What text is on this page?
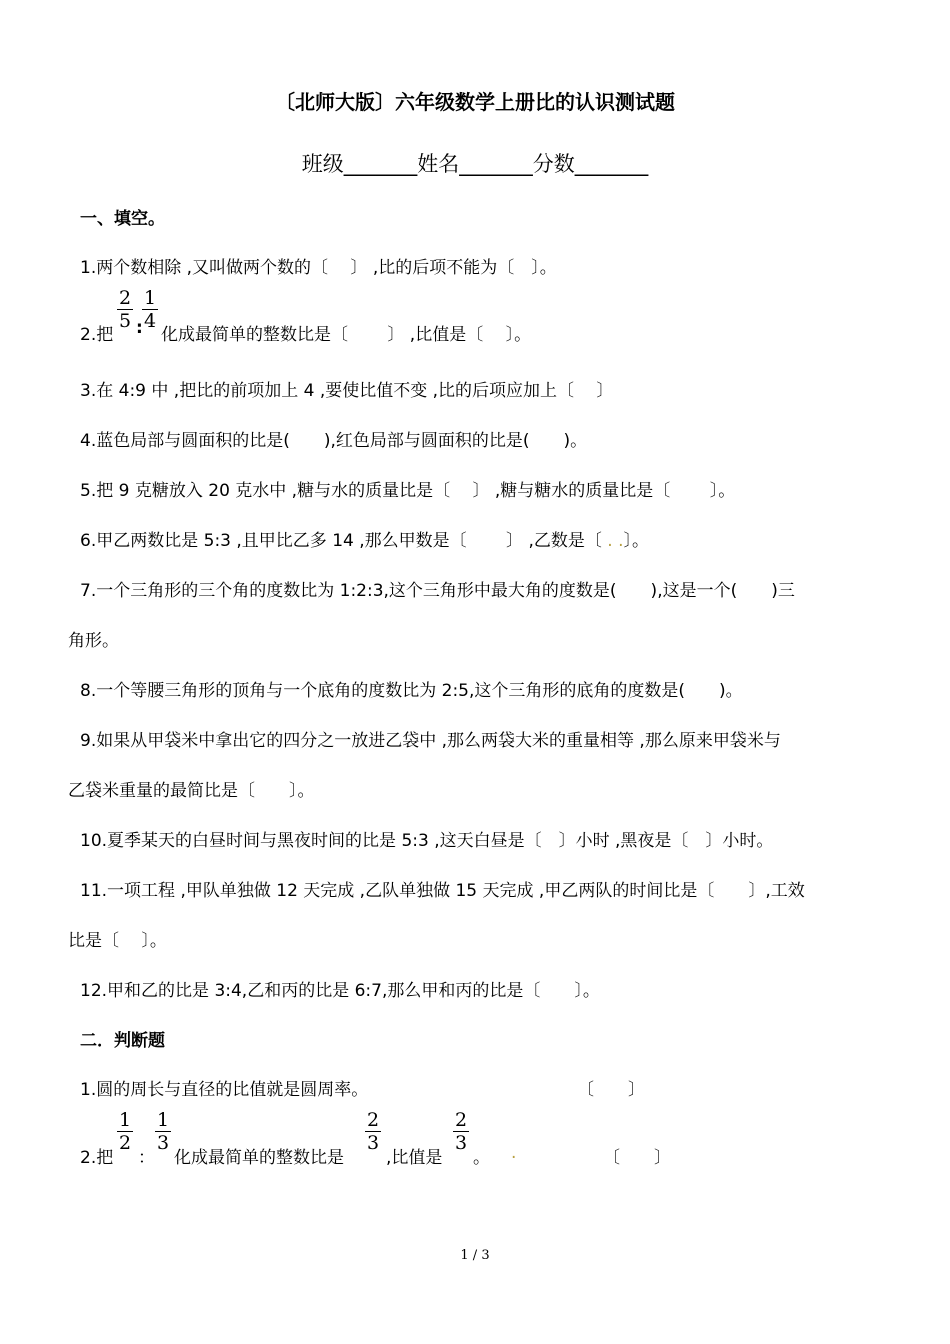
〔北师大版〕六年级数学上册比的认识测试题
班级_______姓名_______分数_______
一、填空。
1.两个数相除 ,又叫做两个数的〔　 〕 ,比的后项不能为〔　〕。
2.把
2
5 :
1
4
化成最简单的整数比是〔　　 〕 ,比值是〔　 〕。
3.在 4:9 中 ,把比的前项加上 4 ,要使比值不变 ,比的后项应加上〔　 〕
4.蓝色局部与圆面积的比是(　　),红色局部与圆面积的比是(　　)。
5.把 9 克糖放入 20 克水中 ,糖与水的质量比是〔　 〕 ,糖与糖水的质量比是〔　　 〕。
6.甲乙两数比是 5:3 ,且甲比乙多 14 ,那么甲数是〔　　 〕 ,乙数是〔 . .〕。
7.一个三角形的三个角的度数比为 1:2:3,这个三角形中最大角的度数是(　　),这是一个(　　)三
角形。
8.一个等腰三角形的顶角与一个底角的度数比为 2:5,这个三角形的底角的度数是(　　)。
9.如果从甲袋米中拿出它的四分之一放进乙袋中 ,那么两袋大米的重量相等 ,那么原来甲袋米与
乙袋米重量的最简比是〔　　〕。
10.夏季某天的白昼时间与黑夜时间的比是 5:3 ,这天白昼是〔　〕小时 ,黑夜是〔　〕小时。
11.一项工程 ,甲队单独做 12 天完成 ,乙队单独做 15 天完成 ,甲乙两队的时间比是〔　　〕,工效
比是〔　 〕。
12.甲和乙的比是 3:4,乙和丙的比是 6:7,那么甲和丙的比是〔　　〕。
二．判断题
1.圆的周长与直径的比值就是圆周率。	〔　　〕
2.把
1
2
：
1
3
化成最简单的整数比是
2
3
,比值是
2
3
。 .	〔　　〕
1 / 3
